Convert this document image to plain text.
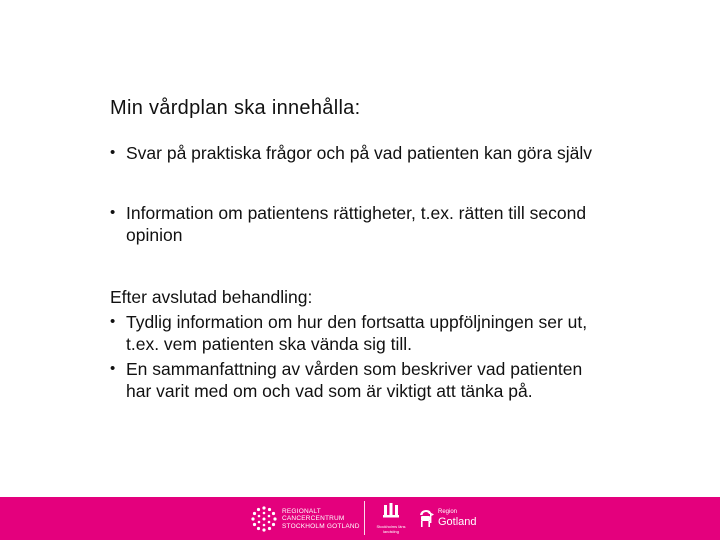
Min vårdplan ska innehålla:
• Svar på praktiska frågor och på vad patienten kan göra själv
• Information om patientens rättigheter, t.ex. rätten till second opinion
Efter avslutad behandling:
• Tydlig information om hur den fortsatta uppföljningen ser ut, t.ex. vem patienten ska vända sig till.
• En sammanfattning av vården som beskriver vad patienten har varit med om och vad som är viktigt att tänka på.
REGIONALT
CANCERCENTRUM
STOCKHOLM GOTLAND	Stockholms läns landsting
Region
Gotland
